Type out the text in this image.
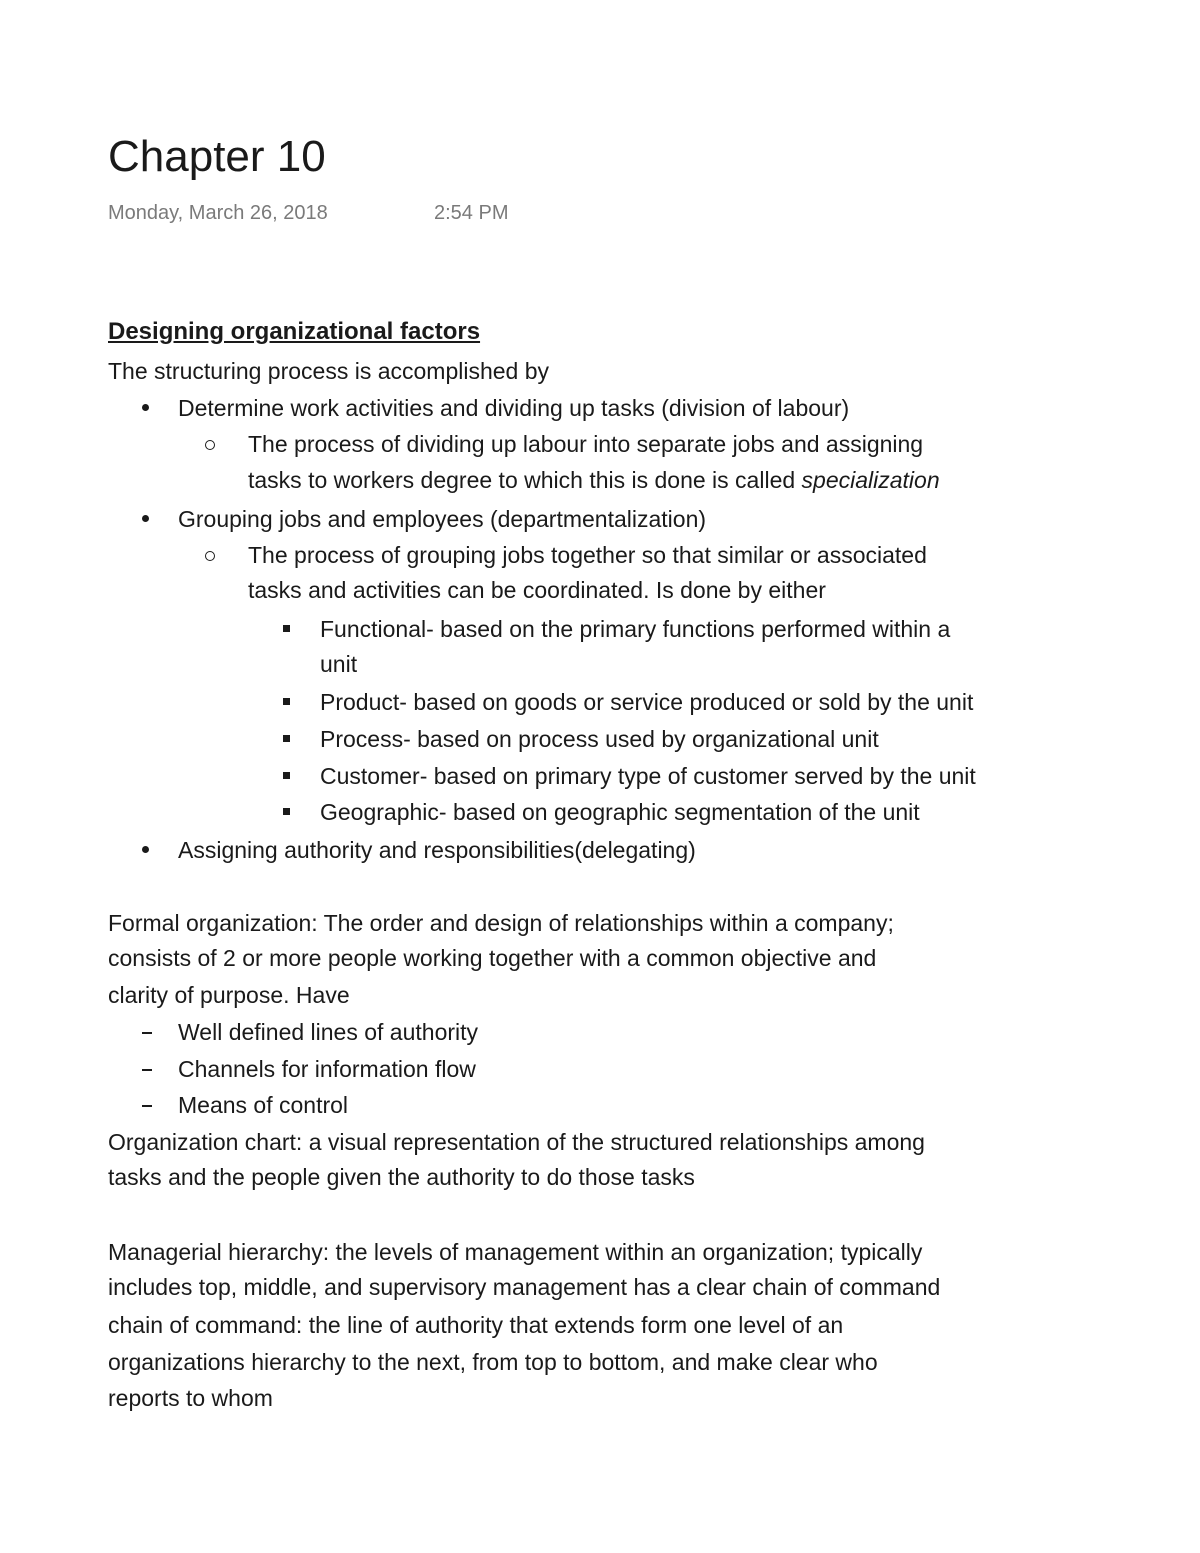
Chapter 10
Monday, March 26, 2018	2:54 PM
Designing organizational factors
The structuring process is accomplished by
Determine work activities and dividing up tasks (division of labour)
The process of dividing up labour into separate jobs and assigning
tasks to workers degree to which this is done is called specialization
Grouping jobs and employees (departmentalization)
The process of grouping jobs together so that similar or associated
tasks and activities can be coordinated. Is done by either
Functional- based on the primary functions performed within a
unit
Product- based on goods or service produced or sold by the unit
Process- based on process used by organizational unit
Customer- based on primary type of customer served by the unit
Geographic- based on geographic segmentation of the unit
Assigning authority and responsibilities(delegating)
Formal organization: The order and design of relationships within a company;
consists of 2 or more people working together with a common objective and
clarity of purpose. Have
Well defined lines of authority
Channels for information flow
Means of control
Organization chart: a visual representation of the structured relationships among
tasks and the people given the authority to do those tasks
Managerial hierarchy: the levels of management within an organization; typically
includes top, middle, and supervisory management has a clear chain of command
chain of command: the line of authority that extends form one level of an
organizations hierarchy to the next, from top to bottom, and make clear who
reports to whom
